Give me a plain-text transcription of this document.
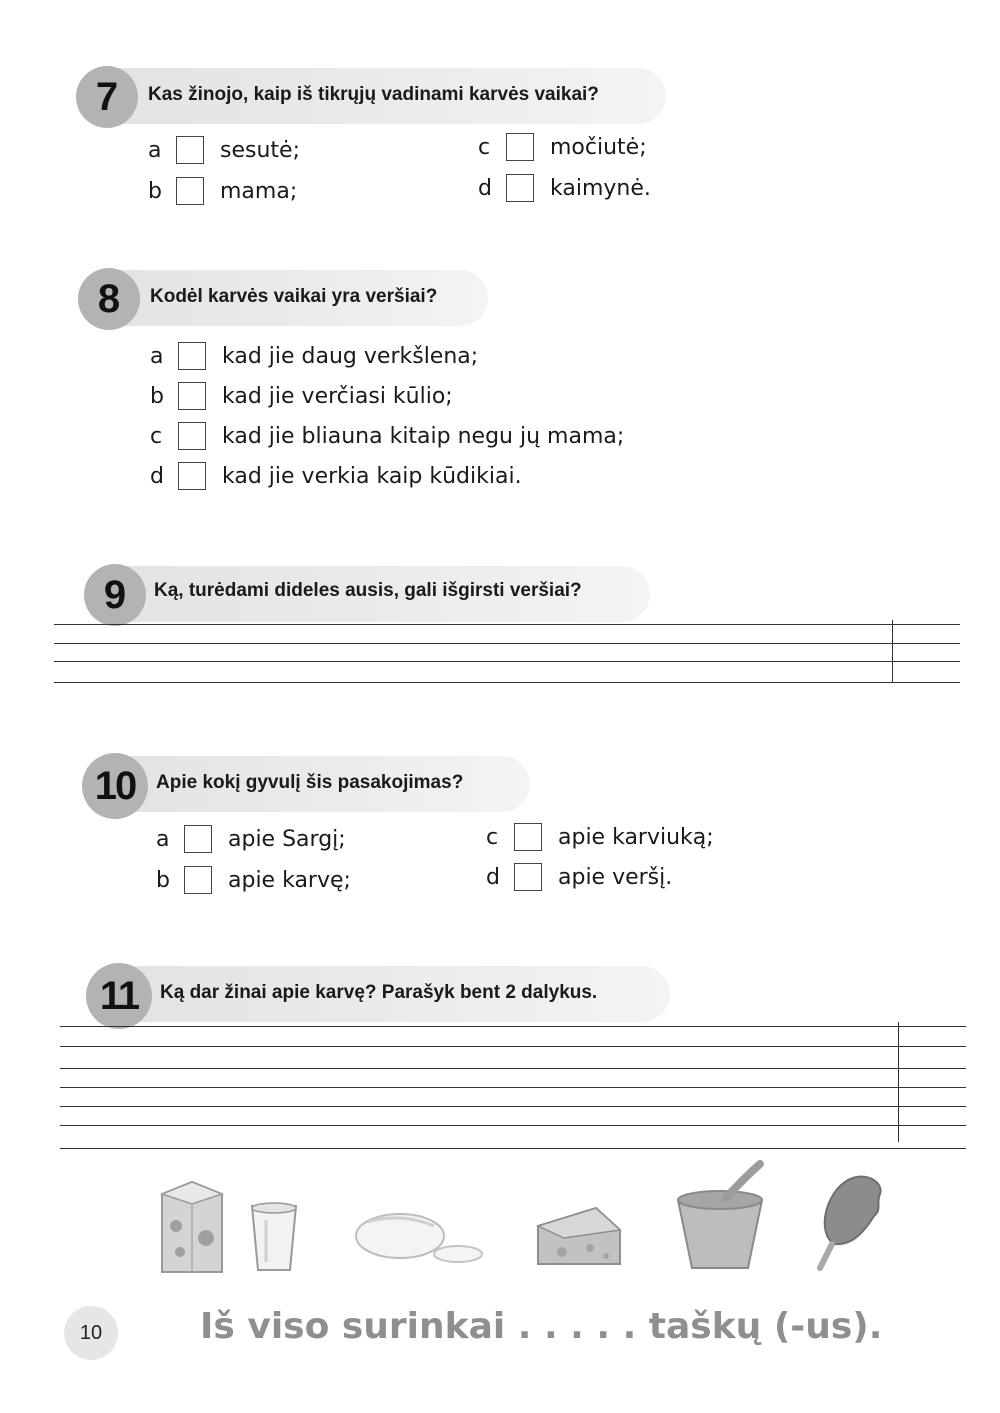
7	Kas žinojo, kaip iš tikrųjų vadinami karvės vaikai?
a	sesutė;
b	mama;
c	močiutė;
d	kaimynė.
8	Kodėl karvės vaikai yra veršiai?
a	kad jie daug verkšlena;
b	kad jie verčiasi kūlio;
c	kad jie bliauna kitaip negu jų mama;
d	kad jie verkia kaip kūdikiai.
9	Ką, turėdami dideles ausis, gali išgirsti veršiai?
10	Apie kokį gyvulį šis pasakojimas?
a	apie Sargį;
b	apie karvę;
c	apie karviuką;
d	apie veršį.
11	Ką dar žinai apie karvę? Parašyk bent 2 dalykus.
10	Iš viso surinkai . . . . . taškų (-us).
